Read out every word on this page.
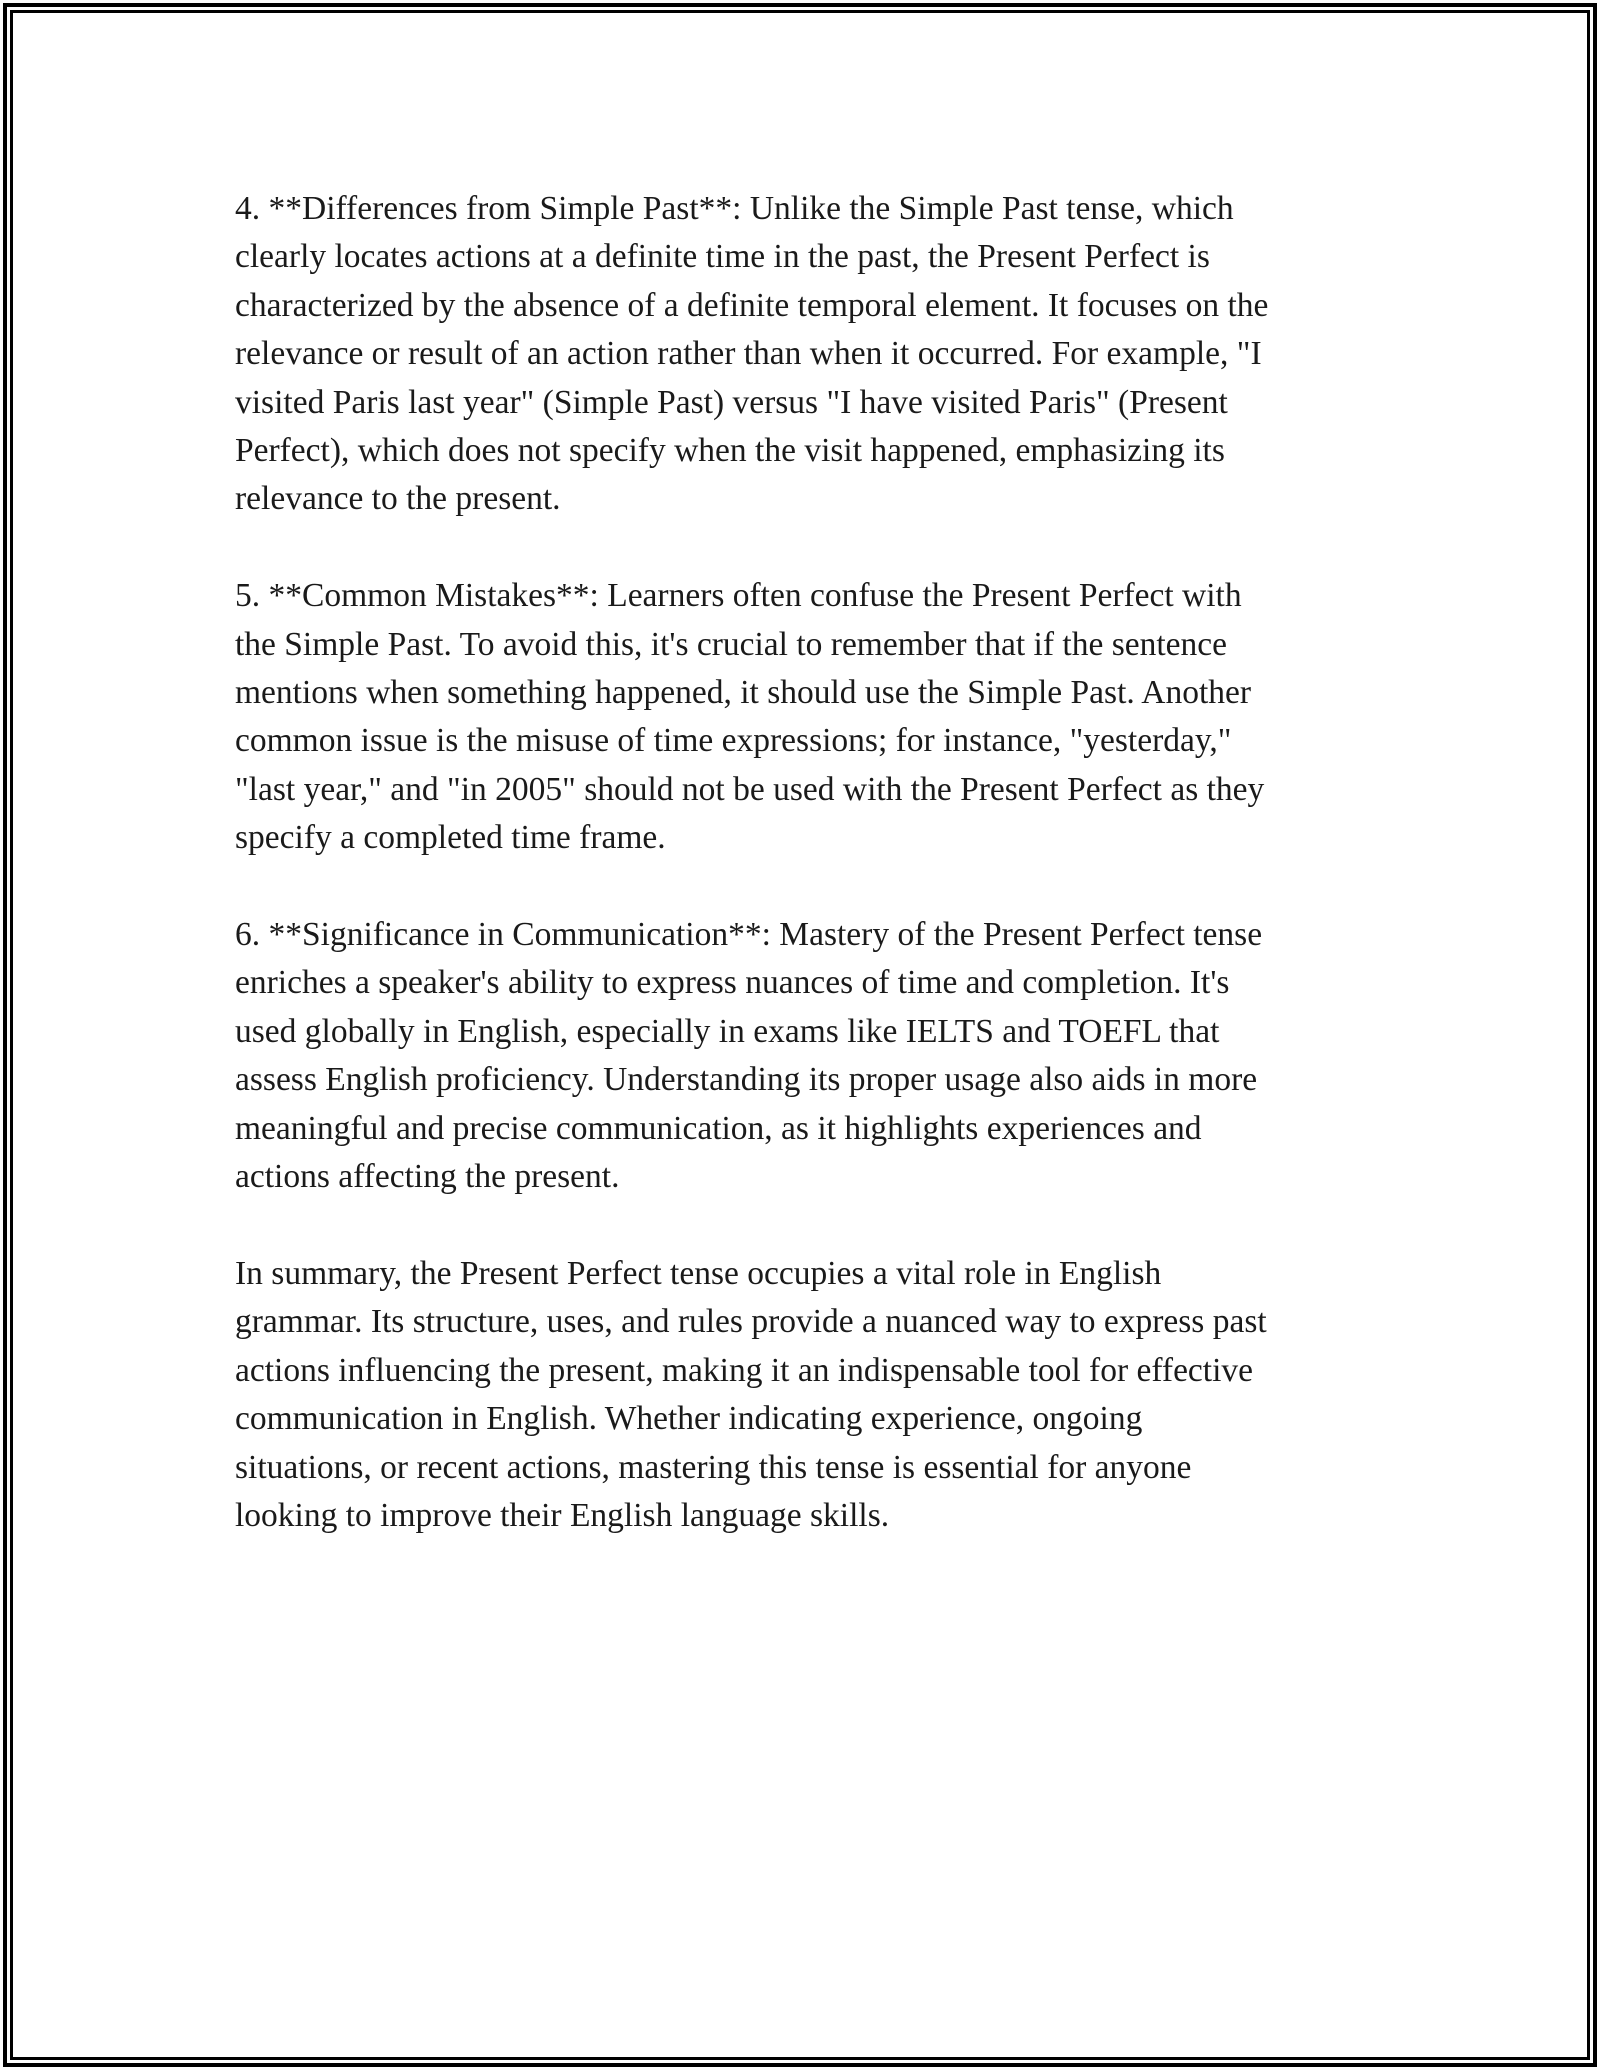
4. **Differences from Simple Past**: Unlike the Simple Past tense, which
clearly locates actions at a definite time in the past, the Present Perfect is
characterized by the absence of a definite temporal element. It focuses on the
relevance or result of an action rather than when it occurred. For example, "I
visited Paris last year" (Simple Past) versus "I have visited Paris" (Present
Perfect), which does not specify when the visit happened, emphasizing its
relevance to the present.

5. **Common Mistakes**: Learners often confuse the Present Perfect with
the Simple Past. To avoid this, it's crucial to remember that if the sentence
mentions when something happened, it should use the Simple Past. Another
common issue is the misuse of time expressions; for instance, "yesterday,"
"last year," and "in 2005" should not be used with the Present Perfect as they
specify a completed time frame.

6. **Significance in Communication**: Mastery of the Present Perfect tense
enriches a speaker's ability to express nuances of time and completion. It's
used globally in English, especially in exams like IELTS and TOEFL that
assess English proficiency. Understanding its proper usage also aids in more
meaningful and precise communication, as it highlights experiences and
actions affecting the present.

In summary, the Present Perfect tense occupies a vital role in English
grammar. Its structure, uses, and rules provide a nuanced way to express past
actions influencing the present, making it an indispensable tool for effective
communication in English. Whether indicating experience, ongoing
situations, or recent actions, mastering this tense is essential for anyone
looking to improve their English language skills.
